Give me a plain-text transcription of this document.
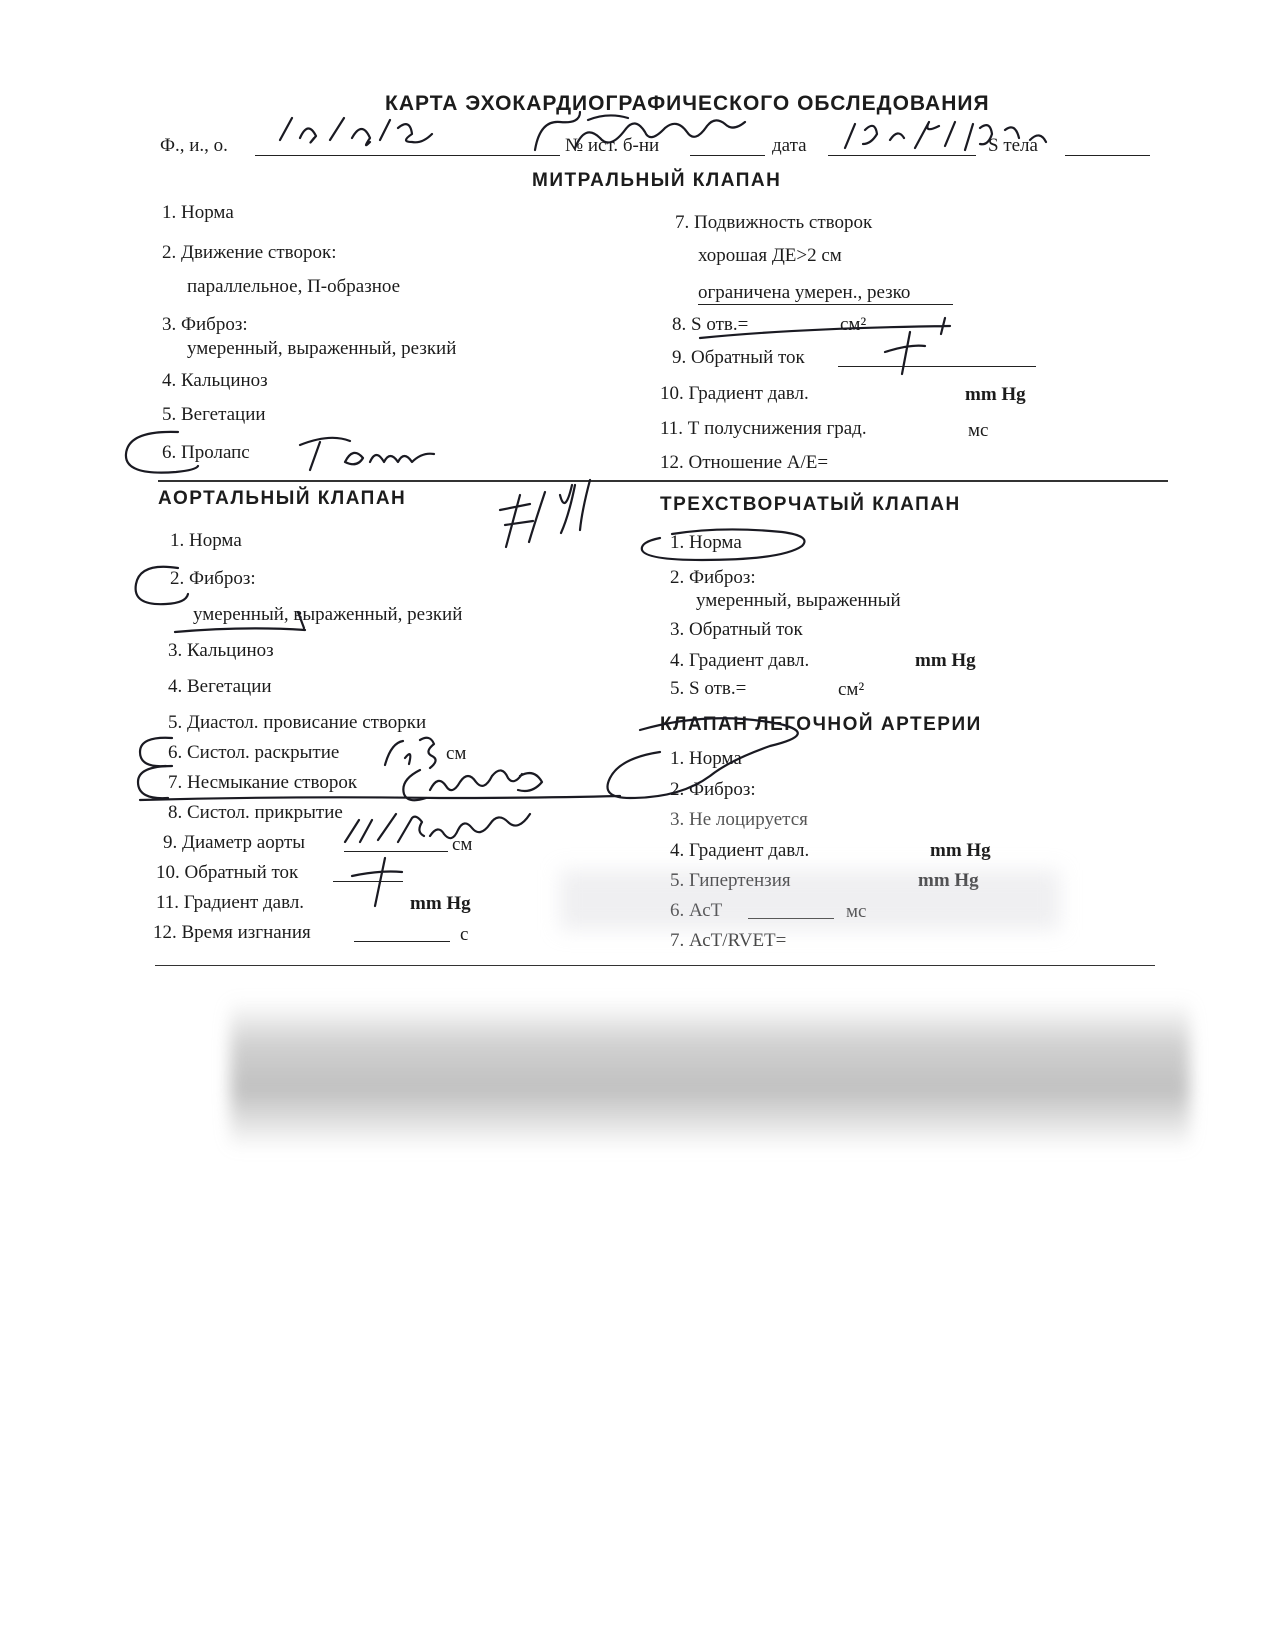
КАРТА ЭХОКАРДИОГРАФИЧЕСКОГО ОБСЛЕДОВАНИЯ
Ф., и., о.	№ ист. б-ни	дата	S тела
МИТРАЛЬНЫЙ КЛАПАН
1. Норма
2. Движение створок:
параллельное, П-образное
3. Фиброз:
умеренный, выраженный, резкий
4. Кальциноз
5. Вегетации
6. Пролапс
7. Подвижность створок
хорошая ДЕ>2 см
ограничена умерен., резко
8. S отв.=	см²
9. Обратный ток
10. Градиент давл.	mm Hg
11. Т полуснижения град.	мс
12. Отношение А/Е=
АОРТАЛЬНЫЙ КЛАПАН
1. Норма
2. Фиброз:
умеренный, выраженный, резкий
3. Кальциноз
4. Вегетации
5. Диастол. провисание створки
6. Систол. раскрытие	см
7. Несмыкание створок
8. Систол. прикрытие
9. Диаметр аорты	см
10. Обратный ток
11. Градиент давл.	mm Hg
12. Время изгнания	с
ТРЕХСТВОРЧАТЫЙ КЛАПАН
1. Норма
2. Фиброз:
умеренный, выраженный
3. Обратный ток
4. Градиент давл.	mm Hg
5. S отв.=	см²
КЛАПАН ЛЕГОЧНОЙ АРТЕРИИ
1. Норма
2. Фиброз:
3. Не лоцируется
4. Градиент давл.	mm Hg
5. Гипертензия	mm Hg
6. АсТ	мс
7. АсТ/RVЕТ=
